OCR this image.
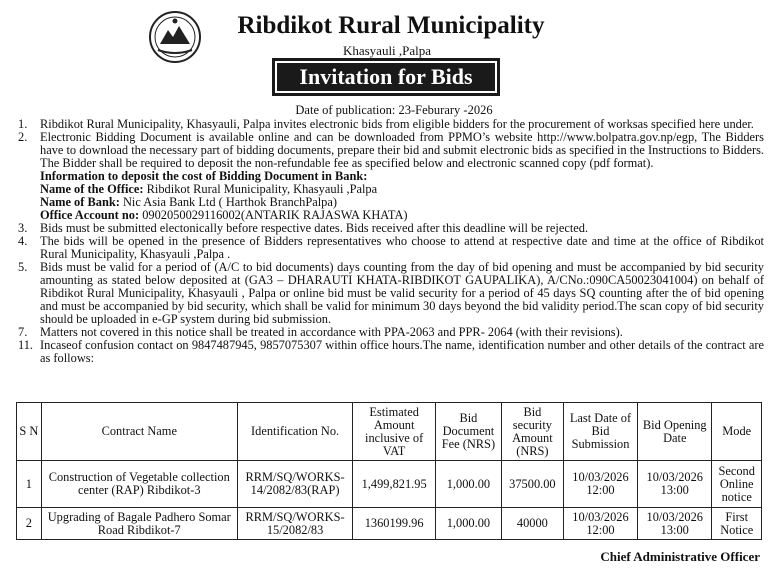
Ribdikot Rural Municipality
Khasyauli ,Palpa
Invitation for Bids
Date of publication: 23-Feburary -2026
1.	Ribdikot Rural Municipality, Khasyauli, Palpa invites electronic bids from eligible bidders for the procurement of worksas specified here under.
2.	Electronic Bidding Document is available online and can be downloaded from PPMO’s website http://www.bolpatra.gov.np/egp, The Bidders have to download the necessary part of bidding documents, prepare their bid and submit electronic bids as specified in the Instructions to Bidders. The Bidder shall be required to deposit the non-refundable fee as specified below and electronic scanned copy (pdf format).
Information to deposit the cost of Bidding Document in Bank:
Name of the Office: Ribdikot Rural Municipality, Khasyauli ,Palpa
Name of Bank: Nic Asia Bank Ltd ( Harthok BranchPalpa)
Office Account no: 0902050029116002(ANTARIK RAJASWA KHATA)
3.	Bids must be submitted electonically before respective dates. Bids received after this deadline will be rejected.
4.	The bids will be opened in the presence of Bidders representatives who choose to attend at respective date and time at the office of Ribdikot Rural Municipality, Khasyauli ,Palpa .
5.	Bids must be valid for a period of (A/C to bid documents) days counting from the day of bid opening and must be accompanied by bid security amounting as stated below deposited at (GA3 – DHARAUTI KHATA-RIBDIKOT GAUPALIKA), A/CNo.:090CA50023041004) on behalf of Ribdikot Rural Municipality, Khasyauli , Palpa or online bid must be valid security for a period of 45 days SQ counting after the of bid opening and must be accompanied by bid security, which shall be valid for minimum 30 days beyond the bid validity period.The scan copy of bid security should be uploaded in e-GP system during bid submission.
7.	Matters not covered in this notice shall be treated in accordance with PPA-2063 and PPR- 2064 (with their revisions).
11. Incaseof confusion contact on 9847487945, 9857075307 within office hours.The name, identification number and other details of the contract are as follows:
S N	Contract Name	Identification No.	Estimated Amount inclusive of VAT	Bid Document Fee (NRS)	Bid security Amount (NRS)	Last Date of Bid Submission	Bid Opening Date	Mode
1	Construction of Vegetable collection center (RAP) Ribdikot-3	RRM/SQ/WORKS-14/2082/83(RAP)	1,499,821.95	1,000.00	37500.00	10/03/2026 12:00	10/03/2026 13:00	Second Online notice
2	Upgrading of Bagale Padhero Somar Road Ribdikot-7	RRM/SQ/WORKS-15/2082/83	1360199.96	1,000.00	40000	10/03/2026 12:00	10/03/2026 13:00	First Notice
Chief Administrative Officer
